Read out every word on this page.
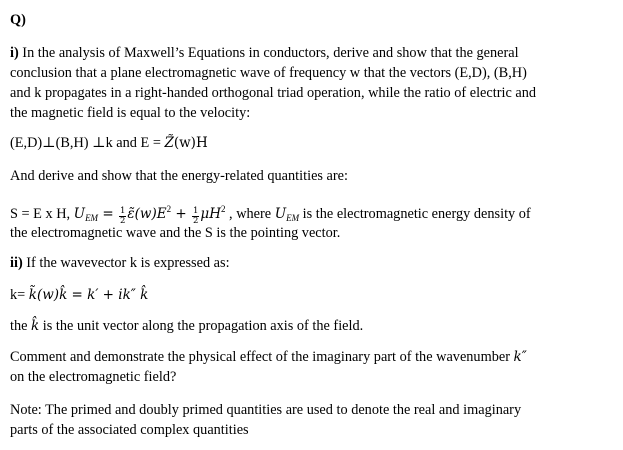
Q)
i) In the analysis of Maxwell’s Equations in conductors, derive and show that the general
conclusion that a plane electromagnetic wave of frequency w that the vectors (E,D), (B,H)
and k propagates in a right-handed orthogonal triad operation, while the ratio of electric and
the magnetic field is equal to the velocity:
(E,D)⊥(B,H) ⊥k and E = Z̃(w)H
And derive and show that the energy-related quantities are:
S = E x H, $U_{EM} = \frac{1}{2}$ $\varepsiloñ(w)E^2 + \frac{1}{2} \mu H^2$ , where $U_{EM}$ is the electromagnetic energy density of
the electromagnetic wave and the S is the pointing vector.
ii) If the wavevector k is expressed as:
k= k̃(w)k̂ = k′ + ik″ k̂
the k̂ is the unit vector along the propagation axis of the field.
Comment and demonstrate the physical effect of the imaginary part of the wavenumber k″
on the electromagnetic field?
Note: The primed and doubly primed quantities are used to denote the real and imaginary
parts of the associated complex quantities
